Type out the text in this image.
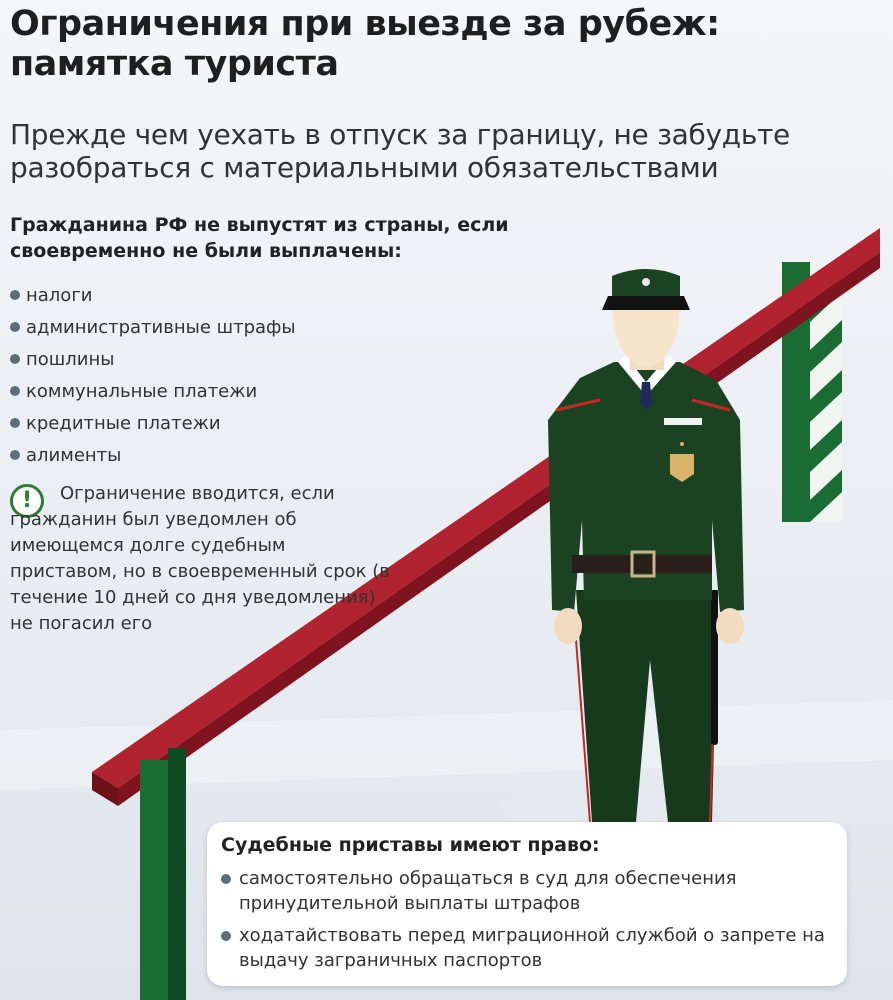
Ограничения при выезде за рубеж: памятка туриста
Прежде чем уехать в отпуск за границу, не забудьте разобраться с материальными обязательствами
Гражданина РФ не выпустят из страны, если своевременно не были выплачены:
налоги
административные штрафы
пошлины
коммунальные платежи
кредитные платежи
алименты
!	Ограничение вводится, если гражданин был уведомлен об имеющемся долге судебным приставом, но в своевременный срок (в течение 10 дней со дня уведомления) не погасил его
Судебные приставы имеют право:
самостоятельно обращаться в суд для обеспечения принудительной выплаты штрафов
ходатайствовать перед миграционной службой о запрете на выдачу заграничных паспортов
